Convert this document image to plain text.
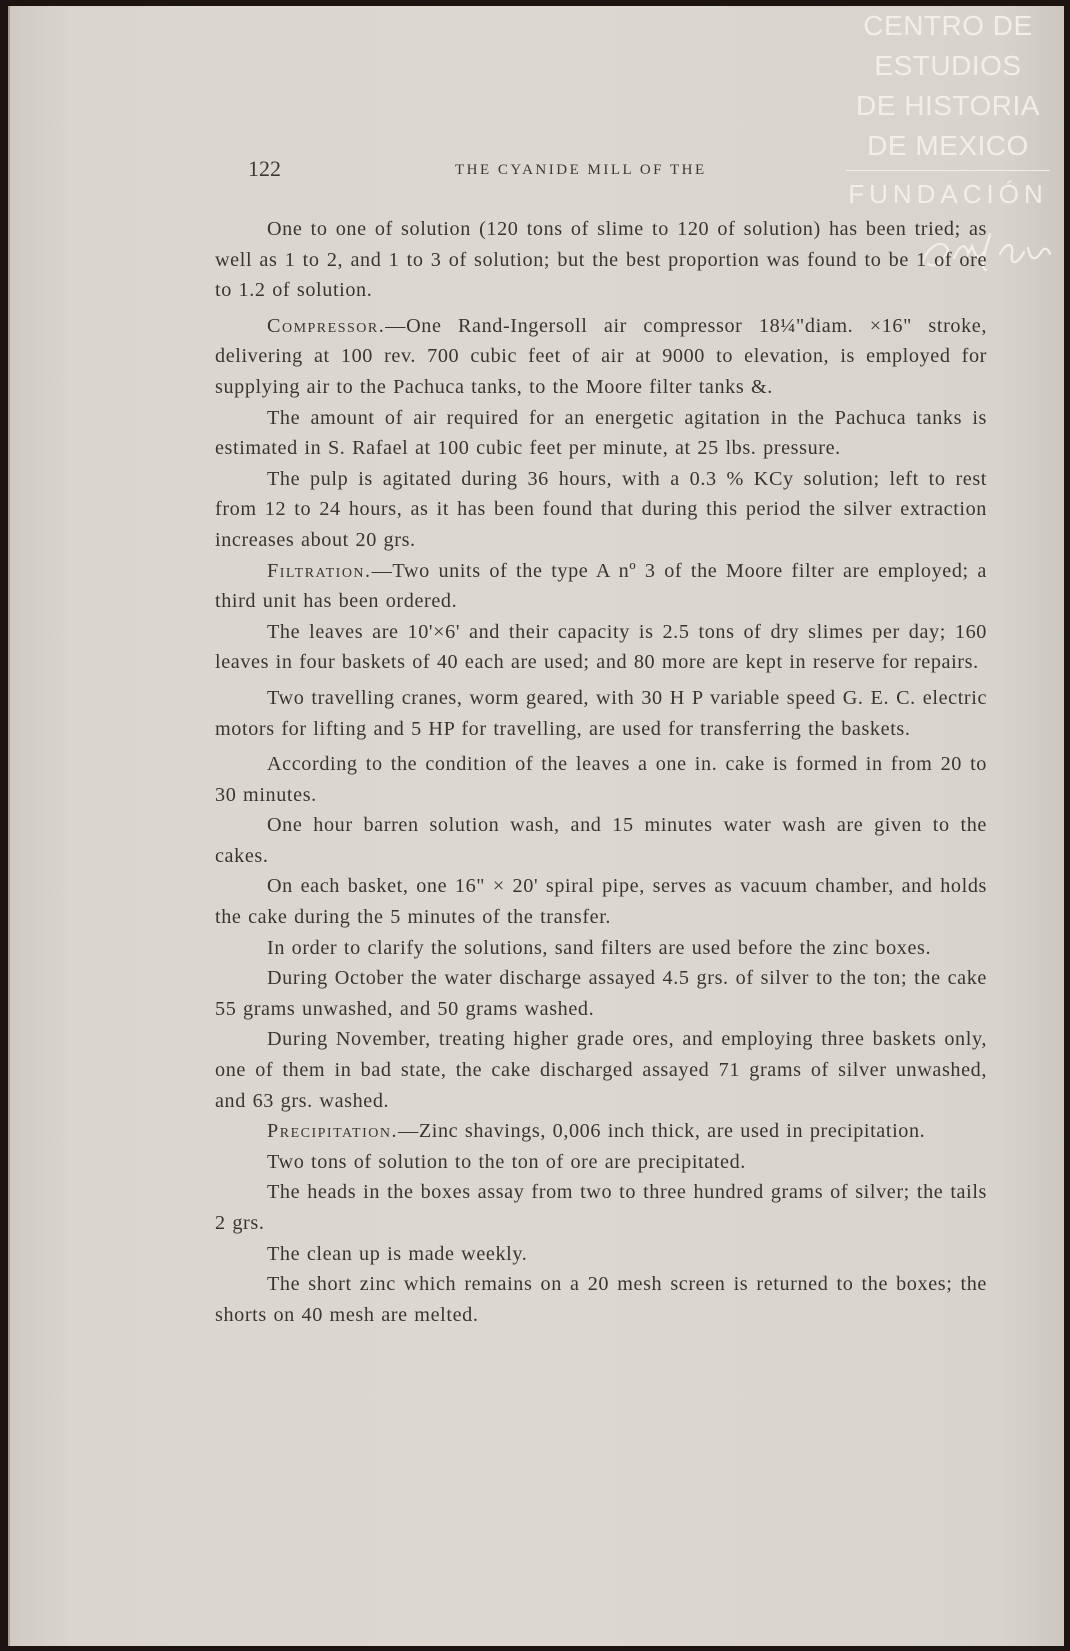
CENTRO DE
ESTUDIOS
DE HISTORIA
DE MEXICO
FUNDACIÓN
122	THE CYANIDE MILL OF THE

One to one of solution (120 tons of slime to 120 of solution) has been tried; as well as 1 to 2, and 1 to 3 of solution; but the best proportion was found to be 1 of ore to 1.2 of solution.

Compressor.—One Rand-Ingersoll air compressor 18¼"diam. ×16" stroke, delivering at 100 rev. 700 cubic feet of air at 9000 to elevation, is employed for supplying air to the Pachuca tanks, to the Moore filter tanks &.

The amount of air required for an energetic agitation in the Pachuca tanks is estimated in S. Rafael at 100 cubic feet per minute, at 25 lbs. pressure.

The pulp is agitated during 36 hours, with a 0.3 % KCy solution; left to rest from 12 to 24 hours, as it has been found that during this period the silver extraction increases about 20 grs.

Filtration.—Two units of the type A nº 3 of the Moore filter are employed; a third unit has been ordered.

The leaves are 10'×6' and their capacity is 2.5 tons of dry slimes per day; 160 leaves in four baskets of 40 each are used; and 80 more are kept in reserve for repairs.

Two travelling cranes, worm geared, with 30 H P variable speed G. E. C. electric motors for lifting and 5 HP for travelling, are used for transferring the baskets.

According to the condition of the leaves a one in. cake is formed in from 20 to 30 minutes.

One hour barren solution wash, and 15 minutes water wash are given to the cakes.

On each basket, one 16" × 20' spiral pipe, serves as vacuum chamber, and holds the cake during the 5 minutes of the transfer.

In order to clarify the solutions, sand filters are used before the zinc boxes.

During October the water discharge assayed 4.5 grs. of silver to the ton; the cake 55 grams unwashed, and 50 grams washed.

During November, treating higher grade ores, and employing three baskets only, one of them in bad state, the cake discharged assayed 71 grams of silver unwashed, and 63 grs. washed.

Precipitation.—Zinc shavings, 0,006 inch thick, are used in precipitation.

Two tons of solution to the ton of ore are precipitated.

The heads in the boxes assay from two to three hundred grams of silver; the tails 2 grs.

The clean up is made weekly.

The short zinc which remains on a 20 mesh screen is returned to the boxes; the shorts on 40 mesh are melted.
